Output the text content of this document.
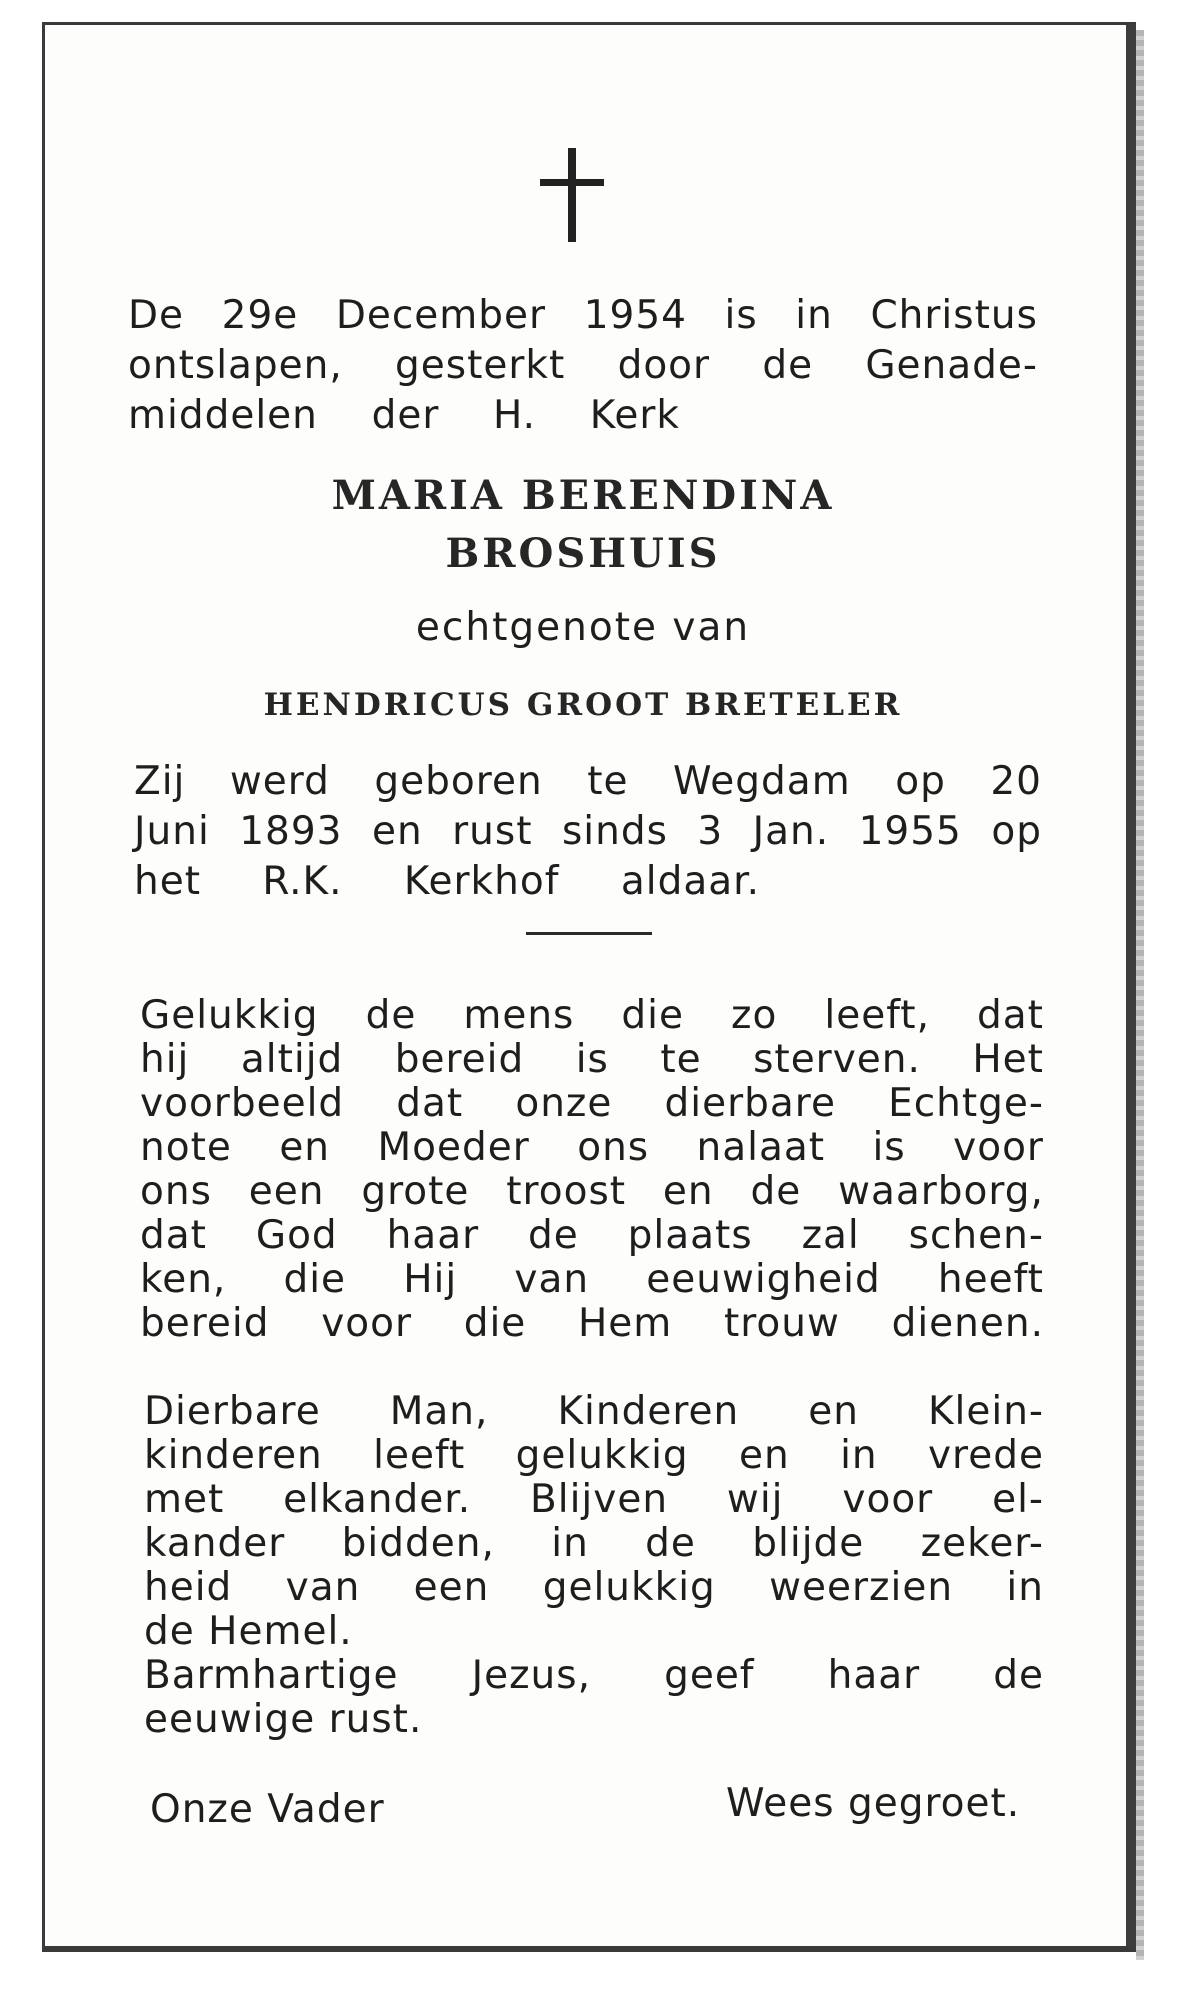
De 29e December 1954 is in Christus
ontslapen, gesterkt door de Genade-
middelen der H. Kerk
MARIA BERENDINA
BROSHUIS
echtgenote van
HENDRICUS GROOT BRETELER
Zij werd geboren te Wegdam op 20
Juni 1893 en rust sinds 3 Jan. 1955 op
het R.K. Kerkhof aldaar.
Gelukkig de mens die zo leeft, dat
hij altijd bereid is te sterven. Het
voorbeeld dat onze dierbare Echtge-
note en Moeder ons nalaat is voor
ons een grote troost en de waarborg,
dat God haar de plaats zal schen-
ken, die Hij van eeuwigheid heeft
bereid voor die Hem trouw dienen.
Dierbare Man, Kinderen en Klein-
kinderen leeft gelukkig en in vrede
met elkander. Blijven wij voor el-
kander bidden, in de blijde zeker-
heid van een gelukkig weerzien in
de Hemel.
Barmhartige Jezus, geef haar de
eeuwige rust.
Onze Vader	Wees gegroet.
